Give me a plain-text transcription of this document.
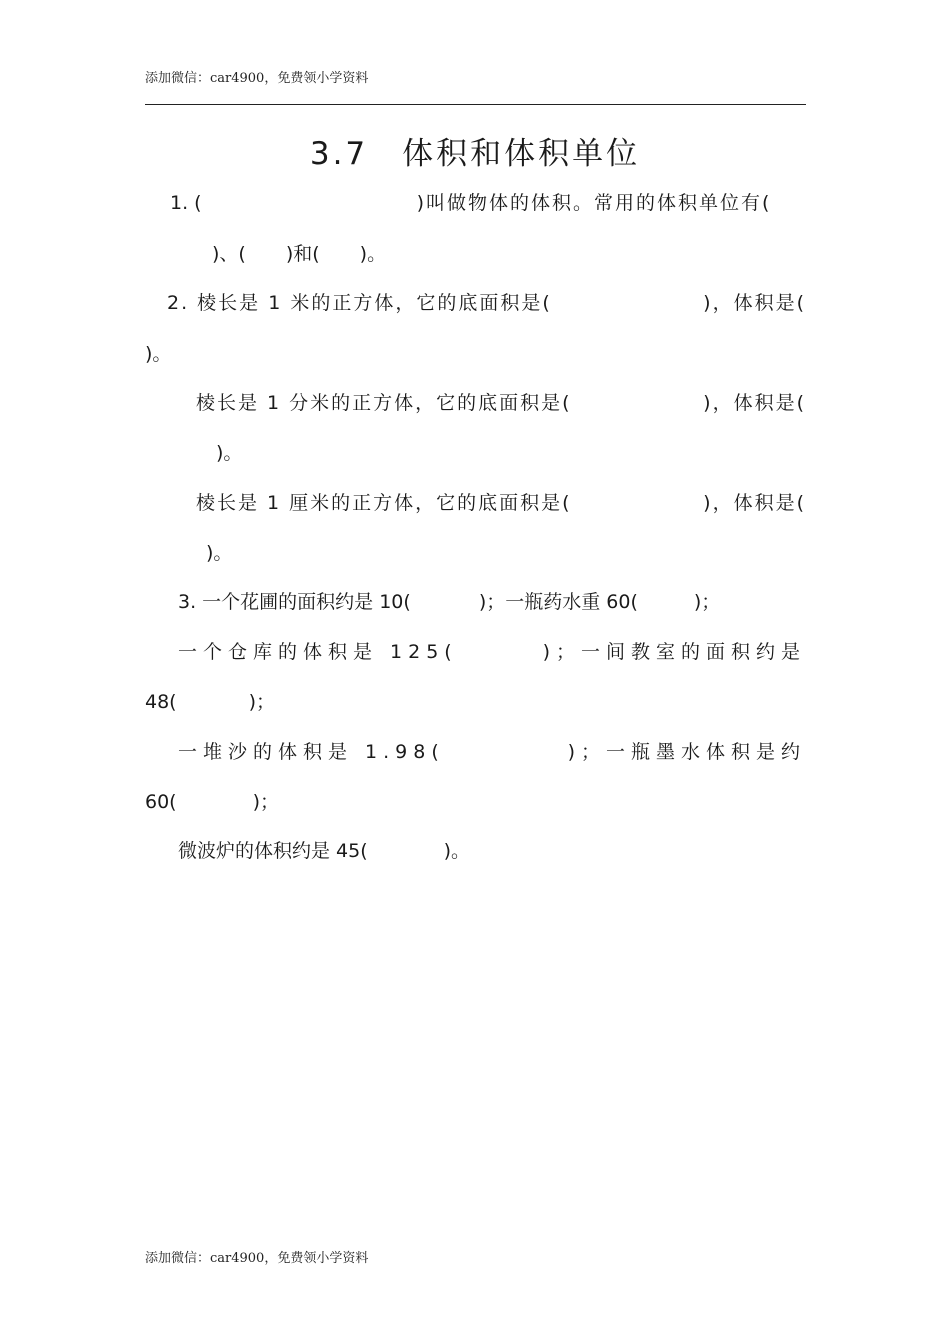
添加微信：car4900，免费领小学资料
3.7　体积和体积单位
1. (	)叫做物体的体积。常用的体积单位有(
)、( )和( )。
2. 棱长是 1 米的正方体，它的底面积是(	)，体积是(
)。
棱长是 1 分米的正方体，它的底面积是(	)，体积是(
)。
棱长是 1 厘米的正方体，它的底面积是(	)，体积是(
)。
3. 一个花圃的面积约是 10(	)；一瓶药水重 60(	)；
一个仓库的体积是 125(	)；一间教室的面积约是
48(	)；
一堆沙的体积是 1.98(	)；一瓶墨水体积是约
60(	)；
微波炉的体积约是 45(	)。
添加微信：car4900，免费领小学资料
